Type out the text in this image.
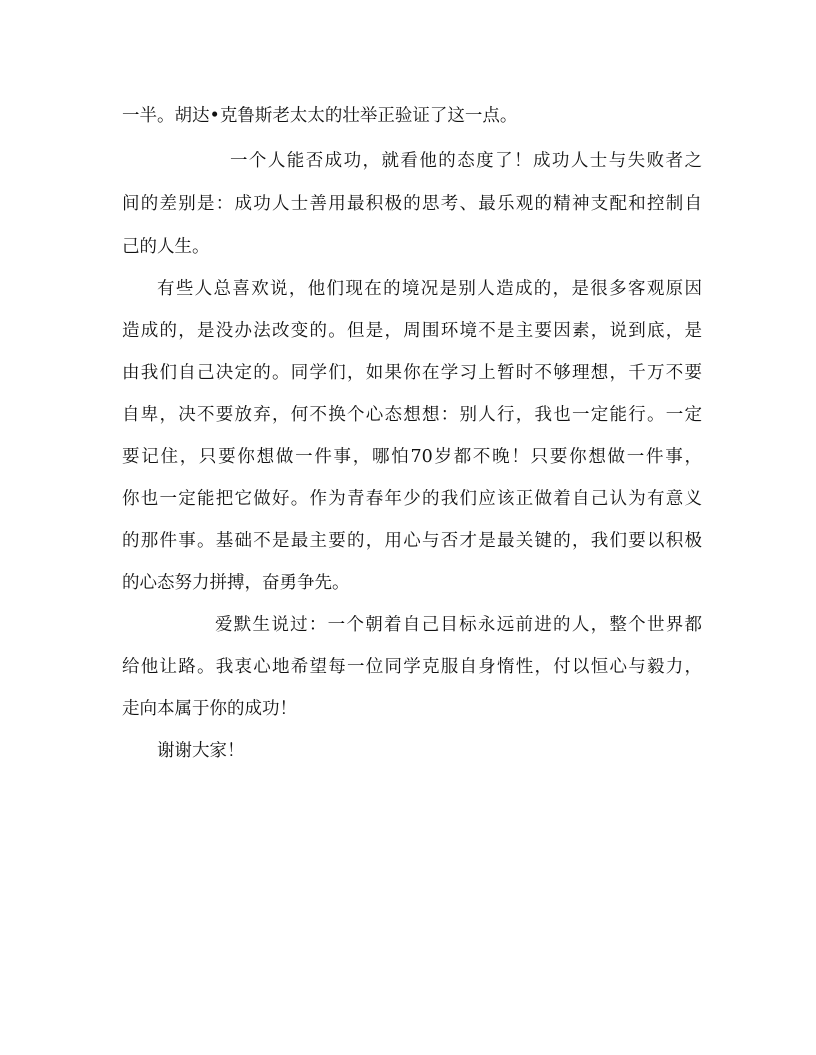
一半。胡达•克鲁斯老太太的壮举正验证了这一点。
一个人能否成功，就看他的态度了！成功人士与失败者之
间的差别是：成功人士善用最积极的思考、最乐观的精神支配和控制自
己的人生。
有些人总喜欢说，他们现在的境况是别人造成的，是很多客观原因
造成的，是没办法改变的。但是，周围环境不是主要因素，说到底，是
由我们自己决定的。同学们，如果你在学习上暂时不够理想，千万不要
自卑，决不要放弃，何不换个心态想想：别人行，我也一定能行。一定
要记住，只要你想做一件事，哪怕70岁都不晚！只要你想做一件事，
你也一定能把它做好。作为青春年少的我们应该正做着自己认为有意义
的那件事。基础不是最主要的，用心与否才是最关键的，我们要以积极
的心态努力拼搏，奋勇争先。
爱默生说过：一个朝着自己目标永远前进的人，整个世界都
给他让路。我衷心地希望每一位同学克服自身惰性，付以恒心与毅力，
走向本属于你的成功！
谢谢大家！
